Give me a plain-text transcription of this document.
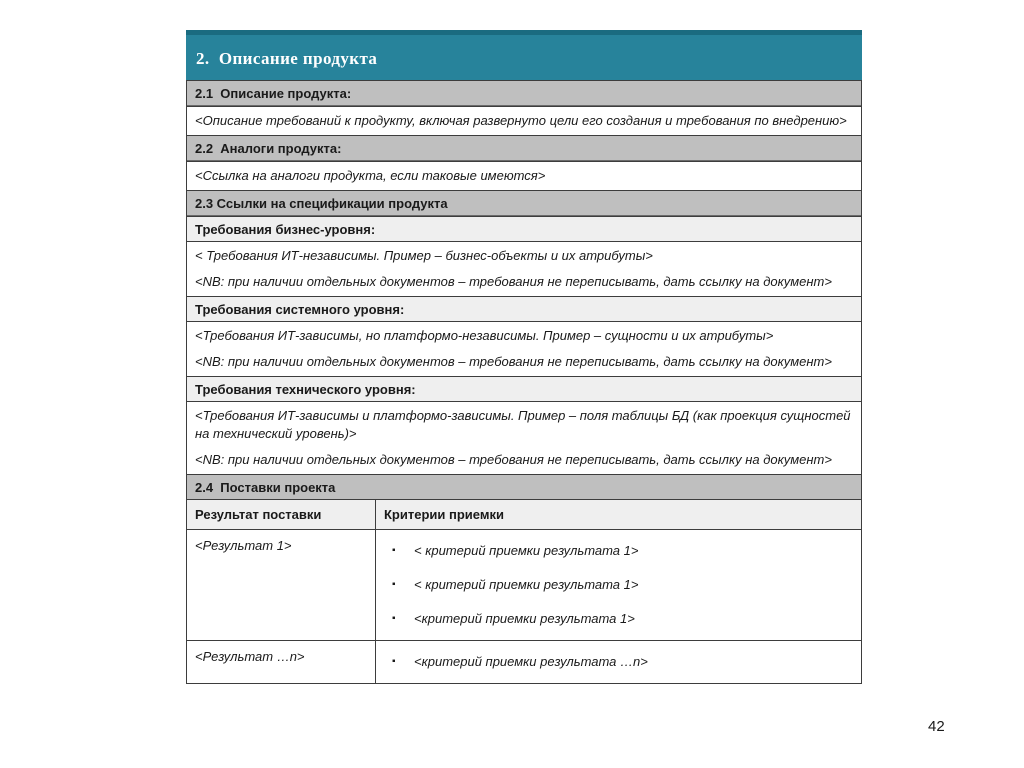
2.  Описание продукта
2.1  Описание продукта:

<Описание требований к продукту, включая развернуто цели его создания и требования по внедрению>

2.2  Аналоги продукта:

<Ссылка на аналоги продукта, если таковые имеются>

2.3 Ссылки на спецификации продукта
Требования бизнес-уровня:

< Требования ИТ-независимы. Пример – бизнес-объекты и их атрибуты>

<NB: при наличии отдельных документов – требования не переписывать, дать ссылку на документ>

Требования системного уровня:

<Требования ИТ-зависимы, но платформо-независимы. Пример – сущности и их атрибуты>

<NB: при наличии отдельных документов – требования не переписывать, дать ссылку на документ>

Требования технического уровня:

<Требования ИТ-зависимы и платформо-зависимы. Пример – поля таблицы БД (как проекция сущностей на технический уровень)>

<NB: при наличии отдельных документов – требования не переписывать, дать ссылку на документ>

2.4  Поставки проекта
Результат поставки	Критерии приемки
<Результат 1>	▪	< критерий приемки результата 1>
▪	< критерий приемки результата 1>
▪	<критерий приемки результата 1>
<Результат …n>	▪	<критерий приемки результата …n>
42
